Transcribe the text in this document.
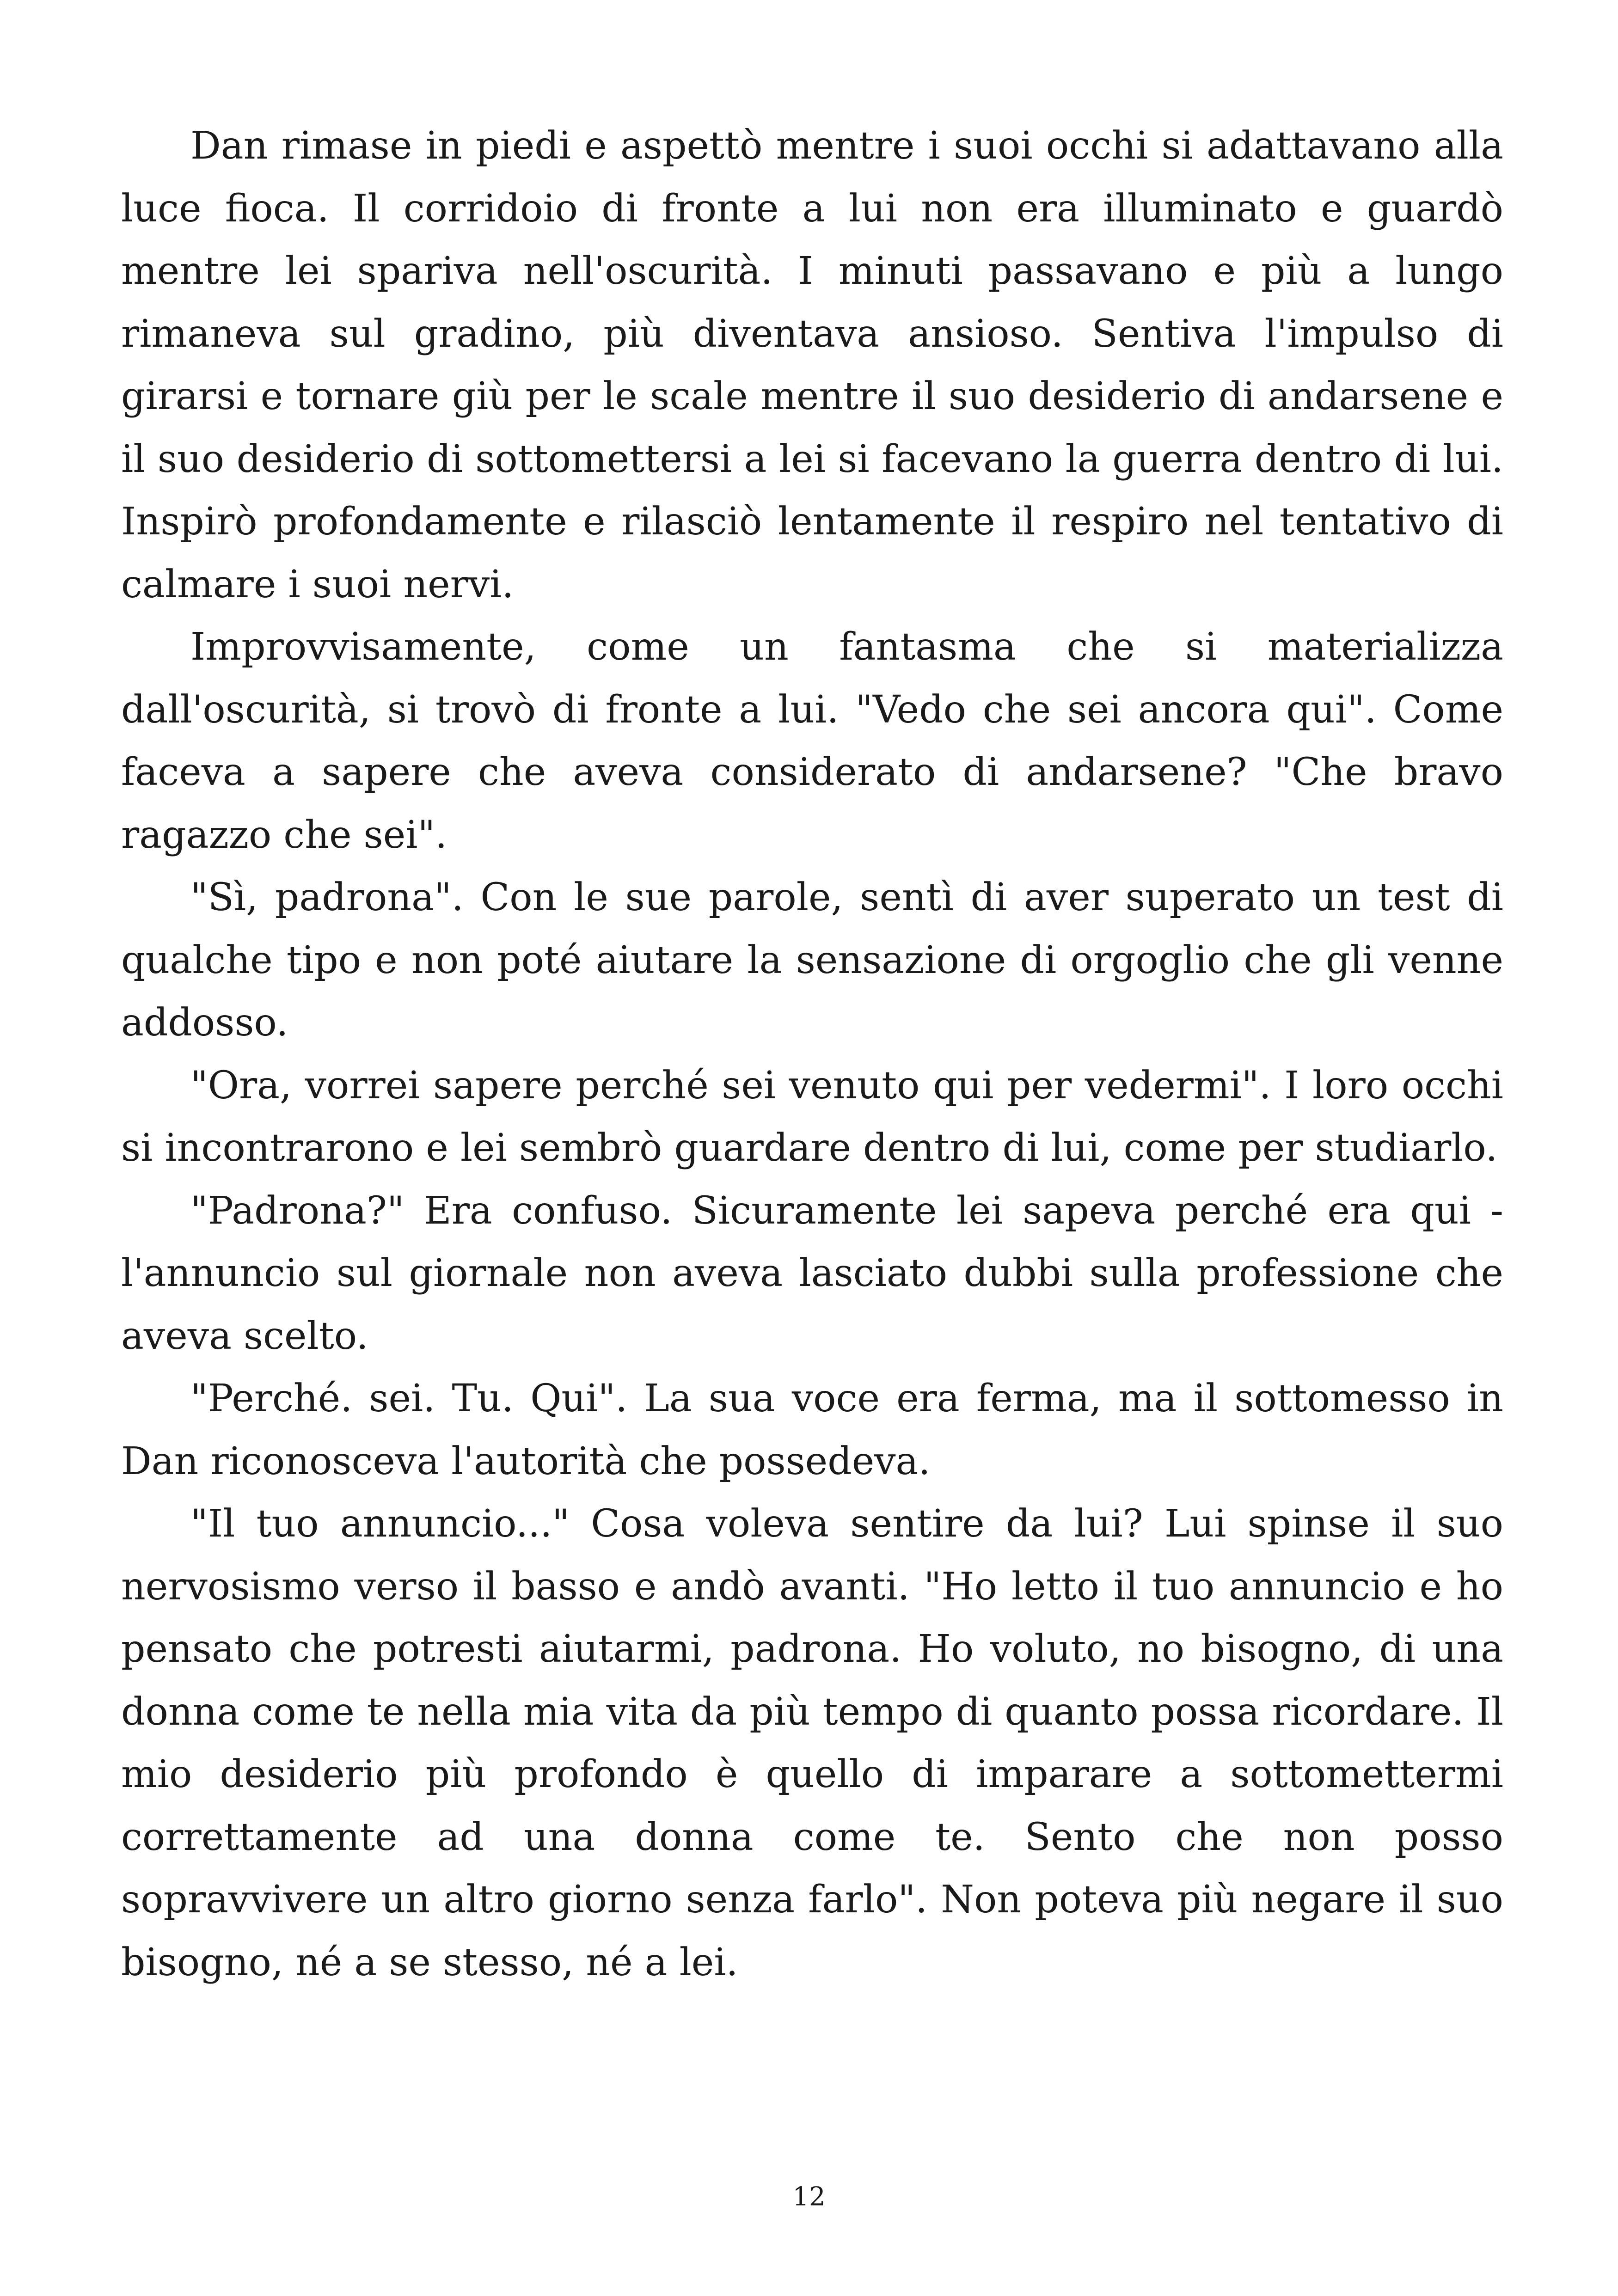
Dan rimase in piedi e aspettò mentre i suoi occhi si adattavano alla luce fioca. Il corridoio di fronte a lui non era illuminato e guardò mentre lei spariva nell'oscurità. I minuti passavano e più a lungo rimaneva sul gradino, più diventava ansioso. Sentiva l'impulso di girarsi e tornare giù per le scale mentre il suo desiderio di andarsene e il suo desiderio di sottomettersi a lei si facevano la guerra dentro di lui. Inspirò profondamente e rilasciò lentamente il respiro nel tentativo di calmare i suoi nervi.

Improvvisamente, come un fantasma che si materializza dall'oscurità, si trovò di fronte a lui. "Vedo che sei ancora qui". Come faceva a sapere che aveva considerato di andarsene? "Che bravo ragazzo che sei".

"Sì, padrona". Con le sue parole, sentì di aver superato un test di qualche tipo e non poté aiutare la sensazione di orgoglio che gli venne addosso.

"Ora, vorrei sapere perché sei venuto qui per vedermi". I loro occhi si incontrarono e lei sembrò guardare dentro di lui, come per studiarlo.

"Padrona?" Era confuso. Sicuramente lei sapeva perché era qui - l'annuncio sul giornale non aveva lasciato dubbi sulla professione che aveva scelto.

"Perché. sei. Tu. Qui". La sua voce era ferma, ma il sottomesso in Dan riconosceva l'autorità che possedeva.

"Il tuo annuncio..." Cosa voleva sentire da lui? Lui spinse il suo nervosismo verso il basso e andò avanti. "Ho letto il tuo annuncio e ho pensato che potresti aiutarmi, padrona. Ho voluto, no bisogno, di una donna come te nella mia vita da più tempo di quanto possa ricordare. Il mio desiderio più profondo è quello di imparare a sottomettermi correttamente ad una donna come te. Sento che non posso sopravvivere un altro giorno senza farlo". Non poteva più negare il suo bisogno, né a se stesso, né a lei.

12
